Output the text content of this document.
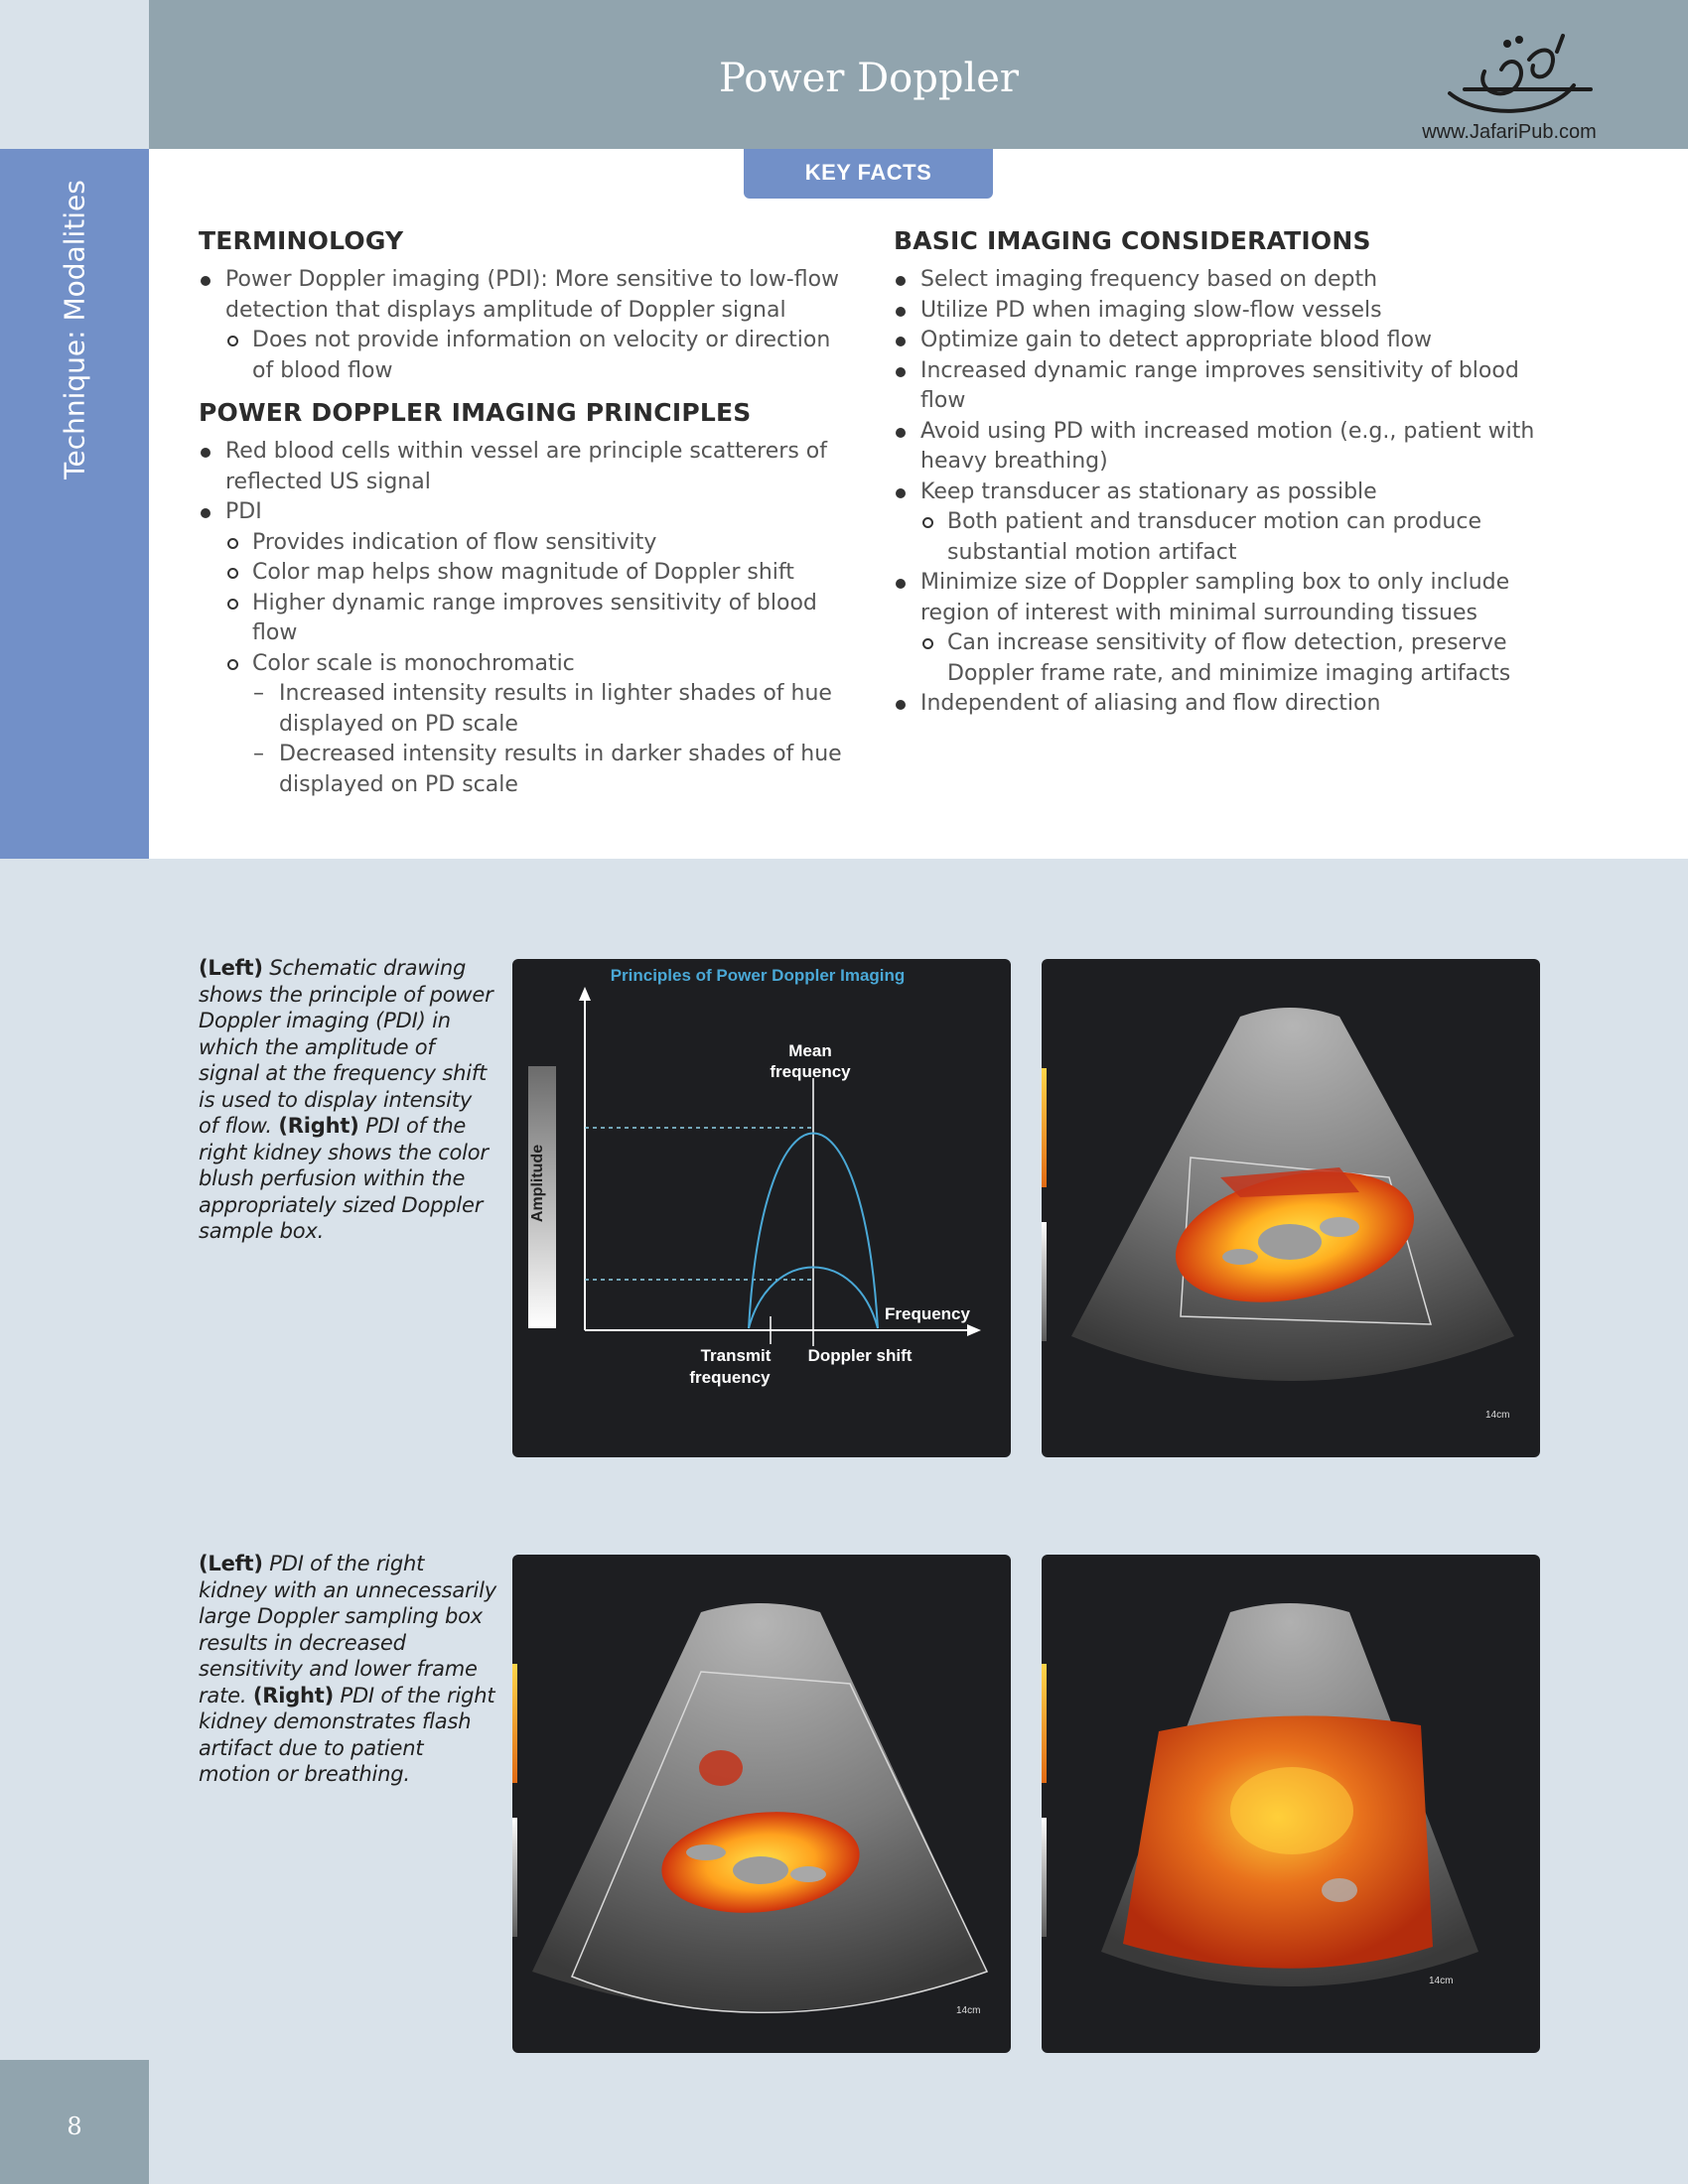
Power Doppler
www.JafariPub.com
Technique: Modalities
KEY FACTS
TERMINOLOGY
Power Doppler imaging (PDI): More sensitive to low-flow detection that displays amplitude of Doppler signal
Does not provide information on velocity or direction of blood flow
POWER DOPPLER IMAGING PRINCIPLES
Red blood cells within vessel are principle scatterers of reflected US signal
PDI
Provides indication of flow sensitivity
Color map helps show magnitude of Doppler shift
Higher dynamic range improves sensitivity of blood flow
Color scale is monochromatic
– Increased intensity results in lighter shades of hue displayed on PD scale
– Decreased intensity results in darker shades of hue displayed on PD scale
BASIC IMAGING CONSIDERATIONS
Select imaging frequency based on depth
Utilize PD when imaging slow-flow vessels
Optimize gain to detect appropriate blood flow
Increased dynamic range improves sensitivity of blood flow
Avoid using PD with increased motion (e.g., patient with heavy breathing)
Keep transducer as stationary as possible
Both patient and transducer motion can produce substantial motion artifact
Minimize size of Doppler sampling box to only include region of interest with minimal surrounding tissues
Can increase sensitivity of flow detection, preserve Doppler frame rate, and minimize imaging artifacts
Independent of aliasing and flow direction
(Left) Schematic drawing shows the principle of power Doppler imaging (PDI) in which the amplitude of signal at the frequency shift is used to display intensity of flow. (Right) PDI of the right kidney shows the color blush perfusion within the appropriately sized Doppler sample box.
Principles of Power Doppler Imaging
Amplitude
Mean
frequency
Frequency
Transmit
frequency
Doppler shift
14cm
(Left) PDI of the right kidney with an unnecessarily large Doppler sampling box results in decreased sensitivity and lower frame rate. (Right) PDI of the right kidney demonstrates flash artifact due to patient motion or breathing.
14cm
14cm
8
